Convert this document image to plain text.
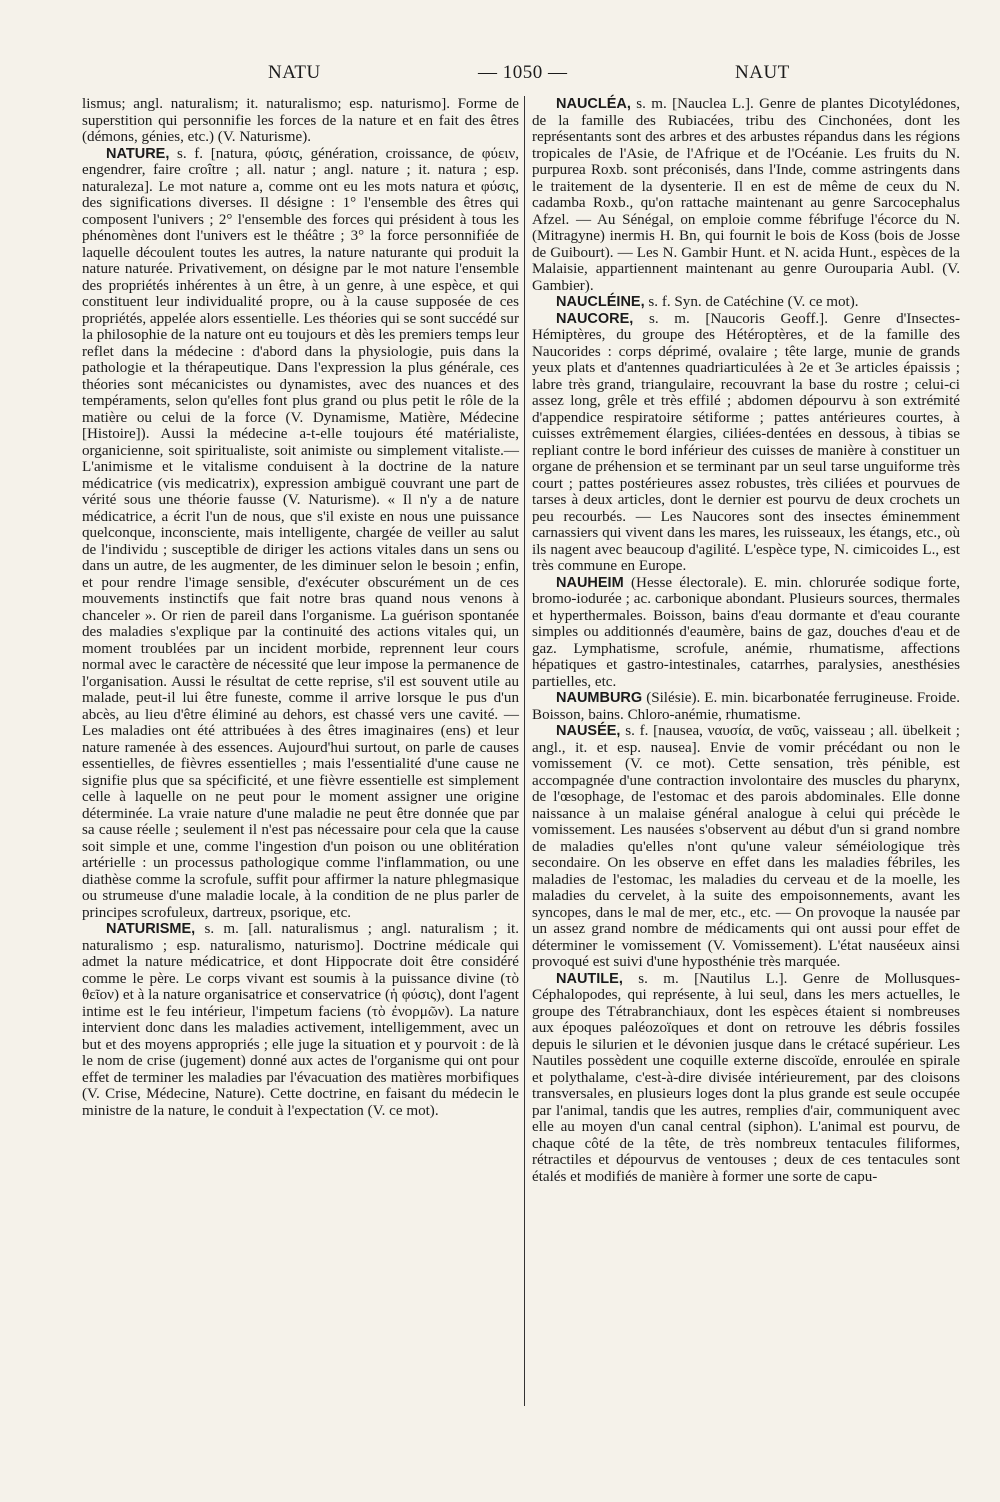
NATU	— 1050 —	NAUT

lismus; angl. naturalism; it. naturalismo; esp. naturismo]. Forme de superstition qui personnifie les forces de la nature et en fait des êtres (démons, génies, etc.) (V. Naturisme).

NATURE, s. f. [natura, φύσις, génération, croissance, de φύειν, engendrer, faire croître ; all. natur ; angl. nature ; it. natura ; esp. naturaleza]. Le mot nature a, comme ont eu les mots natura et φύσις, des significations diverses. Il désigne : 1° l'ensemble des êtres qui composent l'univers ; 2° l'ensemble des forces qui président à tous les phénomènes dont l'univers est le théâtre ; 3° la force personnifiée de laquelle découlent toutes les autres, la nature naturante qui produit la nature naturée. Privativement, on désigne par le mot nature l'ensemble des propriétés inhérentes à un être, à un genre, à une espèce, et qui constituent leur individualité propre, ou à la cause supposée de ces propriétés, appelée alors essentielle. Les théories qui se sont succédé sur la philosophie de la nature ont eu toujours et dès les premiers temps leur reflet dans la médecine : d'abord dans la physiologie, puis dans la pathologie et la thérapeutique. Dans l'expression la plus générale, ces théories sont mécanicistes ou dynamistes, avec des nuances et des tempéraments, selon qu'elles font plus grand ou plus petit le rôle de la matière ou celui de la force (V. Dynamisme, Matière, Médecine [Histoire]). Aussi la médecine a-t-elle toujours été matérialiste, organicienne, soit spiritualiste, soit animiste ou simplement vitaliste.—L'animisme et le vitalisme conduisent à la doctrine de la nature médicatrice (vis medicatrix), expression ambiguë couvrant une part de vérité sous une théorie fausse (V. Naturisme). « Il n'y a de nature médicatrice, a écrit l'un de nous, que s'il existe en nous une puissance quelconque, inconsciente, mais intelligente, chargée de veiller au salut de l'individu ; susceptible de diriger les actions vitales dans un sens ou dans un autre, de les augmenter, de les diminuer selon le besoin ; enfin, et pour rendre l'image sensible, d'exécuter obscurément un de ces mouvements instinctifs que fait notre bras quand nous venons à chanceler ». Or rien de pareil dans l'organisme. La guérison spontanée des maladies s'explique par la continuité des actions vitales qui, un moment troublées par un incident morbide, reprennent leur cours normal avec le caractère de nécessité que leur impose la permanence de l'organisation. Aussi le résultat de cette reprise, s'il est souvent utile au malade, peut-il lui être funeste, comme il arrive lorsque le pus d'un abcès, au lieu d'être éliminé au dehors, est chassé vers une cavité. — Les maladies ont été attribuées à des êtres imaginaires (ens) et leur nature ramenée à des essences. Aujourd'hui surtout, on parle de causes essentielles, de fièvres essentielles ; mais l'essentialité d'une cause ne signifie plus que sa spécificité, et une fièvre essentielle est simplement celle à laquelle on ne peut pour le moment assigner une origine déterminée. La vraie nature d'une maladie ne peut être donnée que par sa cause réelle ; seulement il n'est pas nécessaire pour cela que la cause soit simple et une, comme l'ingestion d'un poison ou une oblitération artérielle : un processus pathologique comme l'inflammation, ou une diathèse comme la scrofule, suffit pour affirmer la nature phlegmasique ou strumeuse d'une maladie locale, à la condition de ne plus parler de principes scrofuleux, dartreux, psorique, etc.

NATURISME, s. m. [all. naturalismus ; angl. naturalism ; it. naturalismo ; esp. naturalismo, naturismo]. Doctrine médicale qui admet la nature médicatrice, et dont Hippocrate doit être considéré comme le père. Le corps vivant est soumis à la puissance divine (τὸ θεῖον) et à la nature organisatrice et conservatrice (ἡ φύσις), dont l'agent intime est le feu intérieur, l'impetum faciens (τὸ ἐνορμῶν). La nature intervient donc dans les maladies activement, intelligemment, avec un but et des moyens appropriés ; elle juge la situation et y pourvoit : de là le nom de crise (jugement) donné aux actes de l'organisme qui ont pour effet de terminer les maladies par l'évacuation des matières morbifiques (V. Crise, Médecine, Nature). Cette doctrine, en faisant du médecin le ministre de la nature, le conduit à l'expectation (V. ce mot).

NAUCLÉA, s. m. [Nauclea L.]. Genre de plantes Dicotylédones, de la famille des Rubiacées, tribu des Cinchonées, dont les représentants sont des arbres et des arbustes répandus dans les régions tropicales de l'Asie, de l'Afrique et de l'Océanie. Les fruits du N. purpurea Roxb. sont préconisés, dans l'Inde, comme astringents dans le traitement de la dysenterie. Il en est de même de ceux du N. cadamba Roxb., qu'on rattache maintenant au genre Sarcocephalus Afzel. — Au Sénégal, on emploie comme fébrifuge l'écorce du N. (Mitragyne) inermis H. Bn, qui fournit le bois de Koss (bois de Josse de Guibourt). — Les N. Gambir Hunt. et N. acida Hunt., espèces de la Malaisie, appartiennent maintenant au genre Ourouparia Aubl. (V. Gambier).

NAUCLÉINE, s. f. Syn. de Catéchine (V. ce mot).

NAUCORE, s. m. [Naucoris Geoff.]. Genre d'Insectes-Hémiptères, du groupe des Hétéroptères, et de la famille des Naucorides : corps déprimé, ovalaire ; tête large, munie de grands yeux plats et d'antennes quadriarticulées à 2e et 3e articles épaissis ; labre très grand, triangulaire, recouvrant la base du rostre ; celui-ci assez long, grêle et très effilé ; abdomen dépourvu à son extrémité d'appendice respiratoire sétiforme ; pattes antérieures courtes, à cuisses extrêmement élargies, ciliées-dentées en dessous, à tibias se repliant contre le bord inférieur des cuisses de manière à constituer un organe de préhension et se terminant par un seul tarse unguiforme très court ; pattes postérieures assez robustes, très ciliées et pourvues de tarses à deux articles, dont le dernier est pourvu de deux crochets un peu recourbés. — Les Naucores sont des insectes éminemment carnassiers qui vivent dans les mares, les ruisseaux, les étangs, etc., où ils nagent avec beaucoup d'agilité. L'espèce type, N. cimicoides L., est très commune en Europe.

NAUHEIM (Hesse électorale). E. min. chlorurée sodique forte, bromo-iodurée ; ac. carbonique abondant. Plusieurs sources, thermales et hyperthermales. Boisson, bains d'eau dormante et d'eau courante simples ou additionnés d'eaumère, bains de gaz, douches d'eau et de gaz. Lymphatisme, scrofule, anémie, rhumatisme, affections hépatiques et gastro-intestinales, catarrhes, paralysies, anesthésies partielles, etc.

NAUMBURG (Silésie). E. min. bicarbonatée ferrugineuse. Froide. Boisson, bains. Chloro-anémie, rhumatisme.

NAUSÉE, s. f. [nausea, ναυσία, de ναῦς, vaisseau ; all. übelkeit ; angl., it. et esp. nausea]. Envie de vomir précédant ou non le vomissement (V. ce mot). Cette sensation, très pénible, est accompagnée d'une contraction involontaire des muscles du pharynx, de l'œsophage, de l'estomac et des parois abdominales. Elle donne naissance à un malaise général analogue à celui qui précède le vomissement. Les nausées s'observent au début d'un si grand nombre de maladies qu'elles n'ont qu'une valeur séméiologique très secondaire. On les observe en effet dans les maladies fébriles, les maladies de l'estomac, les maladies du cerveau et de la moelle, les maladies du cervelet, à la suite des empoisonnements, avant les syncopes, dans le mal de mer, etc., etc. — On provoque la nausée par un assez grand nombre de médicaments qui ont aussi pour effet de déterminer le vomissement (V. Vomissement). L'état nauséeux ainsi provoqué est suivi d'une hyposthénie très marquée.

NAUTILE, s. m. [Nautilus L.]. Genre de Mollusques-Céphalopodes, qui représente, à lui seul, dans les mers actuelles, le groupe des Tétrabranchiaux, dont les espèces étaient si nombreuses aux époques paléozoïques et dont on retrouve les débris fossiles depuis le silurien et le dévonien jusque dans le crétacé supérieur. Les Nautiles possèdent une coquille externe discoïde, enroulée en spirale et polythalame, c'est-à-dire divisée intérieurement, par des cloisons transversales, en plusieurs loges dont la plus grande est seule occupée par l'animal, tandis que les autres, remplies d'air, communiquent avec elle au moyen d'un canal central (siphon). L'animal est pourvu, de chaque côté de la tête, de très nombreux tentacules filiformes, rétractiles et dépourvus de ventouses ; deux de ces tentacules sont étalés et modifiés de manière à former une sorte de capu-
